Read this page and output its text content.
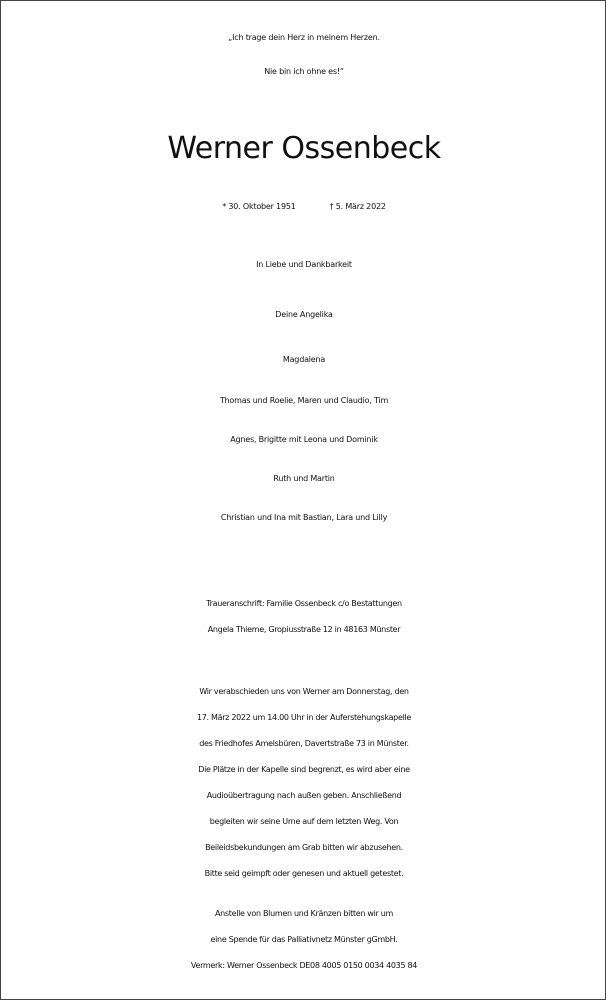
„Ich trage dein Herz in meinem Herzen.
Nie bin ich ohne es!“
Werner Ossenbeck
* 30. Oktober 1951	† 5. März 2022
In Liebe und Dankbarkeit
Deine Angelika
Magdalena
Thomas und Roelie, Maren und Claudio, Tim
Agnes, Brigitte mit Leona und Dominik
Ruth und Martin
Christian und Ina mit Bastian, Lara und Lilly
Traueranschrift: Familie Ossenbeck c/o Bestattungen
Angela Thieme, Gropiusstraße 12 in 48163 Münster
Wir verabschieden uns von Werner am Donnerstag, den
17. März 2022 um 14.00 Uhr in der Auferstehungskapelle
des Friedhofes Amelsbüren, Davertstraße 73 in Münster.
Die Plätze in der Kapelle sind begrenzt, es wird aber eine
Audioübertragung nach außen geben. Anschließend
begleiten wir seine Urne auf dem letzten Weg. Von
Beileidsbekundungen am Grab bitten wir abzusehen.
Bitte seid geimpft oder genesen und aktuell getestet.
Anstelle von Blumen und Kränzen bitten wir um
eine Spende für das Palliativnetz Münster gGmbH.
Vermerk: Werner Ossenbeck DE08 4005 0150 0034 4035 84
